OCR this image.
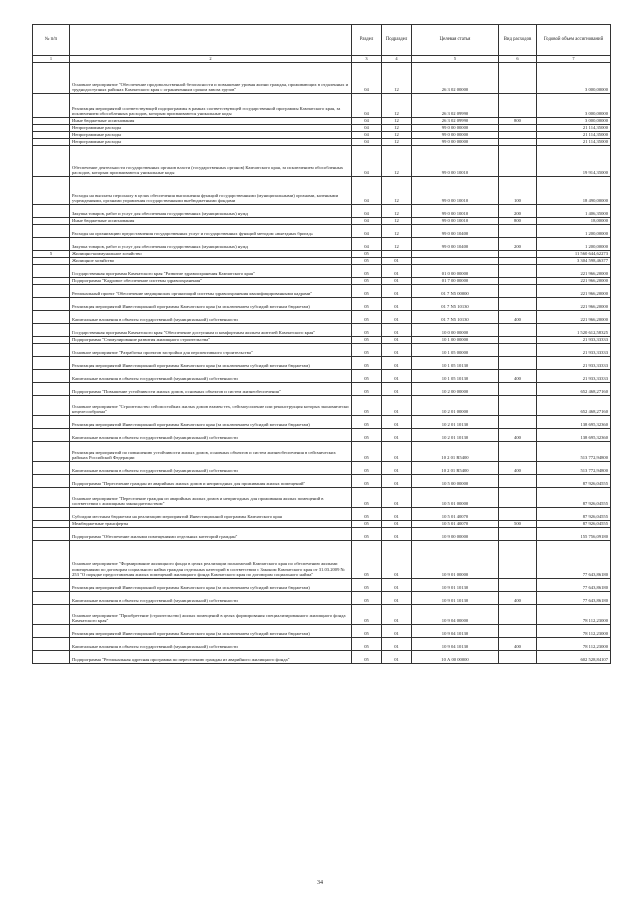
№ п/п		Раздел	Подраздел	Целевая статья	Вид расходов	Годовой объем ассигнований
1	2	3	4	5	6	7
	Основное мероприятие "Обеспечение продовольственной безопасности и повышение уровня жизни граждан, проживающих в отдаленных и труднодоступных районах Камчатского края с ограниченным сроком завоза грузов"	04	12	26 3 02 00000		3 000,00000
	Реализация мероприятий соответствующей подпрограммы в рамках соответствующей государственной программы Камчатского края, за исключением обособленных расходов, которым присваиваются уникальные коды	04	12	26 3 02 09990		3 000,00000
	Иные бюджетные ассигнования	04	12	26 3 02 09990	800	3 000,00000
	Непрограммные расходы	04	12	99 0 00 00000		21 114,35000
	Непрограммные расходы	04	12	99 0 00 00000		21 114,35000
	Непрограммные расходы	04	12	99 0 00 00000		21 114,35000
	Обеспечение деятельности государственных органов власти (государственных органов) Камчатского края, за исключением обособленных расходов, которым присваиваются уникальные коды	04	12	99 0 00 10010		19 914,35000
	Расходы на выплаты персоналу в целях обеспечения выполнения функций государственными (муниципальными) органами, казенными учреждениями, органами управления государственными внебюджетными фондами	04	12	99 0 00 10010	100	18 490,00000
	Закупка товаров, работ и услуг для обеспечения государственных (муниципальных) нужд	04	12	99 0 00 10010	200	1 406,35000
	Иные бюджетные ассигнования	04	12	99 0 00 10010	800	18,00000
	Расходы на организацию предоставления государственных услуг и государственных функций методом «выездных бригад»	04	12	99 0 00 10400		1 200,00000
	Закупка товаров, работ и услуг для обеспечения государственных (муниципальных) нужд	04	12	99 0 00 10400	200	1 200,00000
5	Жилищно-коммунальное хозяйство	05				11 560 644,62273
	Жилищное хозяйство	05	01			3 304 598,46377
	Государственная программа Камчатского края "Развитие здравоохранения Камчатского края"	05	01	01 0 00 00000		221 966,20000
	Подпрограмма "Кадровое обеспечение системы здравоохранения"	05	01	01 7 00 00000		221 966,20000
	Региональный проект "Обеспечение медицинских организаций системы здравоохранения квалифицированными кадрами"	05	01	01 7 N5 00000		221 966,20000
	Реализация мероприятий Инвестиционной программы Камчатского края (за исключением субсидий местным бюджетам)	05	01	01 7 N5 10130		221 966,20000
	Капитальные вложения в объекты государственной (муниципальной) собственности	05	01	01 7 N5 10130	400	221 966,20000
	Государственная программа Камчатского края "Обеспечение доступным и комфортным жильем жителей Камчатского края"	05	01	10 0 00 00000		1 520 612,58325
	Подпрограмма "Стимулирование развития жилищного строительства"	05	01	10 1 00 00000		21 933,33333
	Основное мероприятие "Разработка проектов застройки для перспективного строительства"	05	01	10 1 05 00000		21 933,33333
	Реализация мероприятий Инвестиционной программы Камчатского края (за исключением субсидий местным бюджетам)	05	01	10 1 05 10130		21 933,33333
	Капитальные вложения в объекты государственной (муниципальной) собственности	05	01	10 1 05 10130	400	21 933,33333
	Подпрограмма "Повышение устойчивости жилых домов, основных объектов и систем жизнеобеспечения"	05	01	10 2 00 00000		652 468,27160
	Основное мероприятие "Строительство сейсмостойких жилых домов взамен тех, сейсмоусиление или реконструкция которых экономически нецелесообразна"	05	01	10 2 01 00000		652 468,27160
	Реализация мероприятий Инвестиционной программы Камчатского края (за исключением субсидий местным бюджетам)	05	01	10 2 01 10130		138 695,32360
	Капитальные вложения в объекты государственной (муниципальной) собственности	05	01	10 2 01 10130	400	138 695,32360
	Реализация мероприятий по повышению устойчивости жилых домов, основных объектов и систем жизнеобеспечения в сейсмических районах Российской Федерации	05	01	10 2 01 R5400		513 772,94800
	Капитальные вложения в объекты государственной (муниципальной) собственности	05	01	10 2 01 R5400	400	513 772,94800
	Подпрограмма "Переселение граждан из аварийных жилых домов и непригодных для проживания жилых помещений"	05	01	10 5 00 00000		87 926,04555
	Основное мероприятие "Переселение граждан из аварийных жилых домов и непригодных для проживания жилых помещений в соответствии с жилищным законодательством"	05	01	10 5 01 00000		87 926,04555
	Субсидии местным бюджетам на реализацию мероприятий Инвестиционной программы Камчатского края	05	01	10 5 01 40070		87 926,04555
	Межбюджетные трансферты	05	01	10 5 01 40070	500	87 926,04555
	Подпрограмма "Обеспечение жилыми помещениями отдельных категорий граждан"	05	01	10 9 00 00000		155 756,09180
	Основное мероприятие "Формирование жилищного фонда в целях реализации полномочий Камчатского края по обеспечению жилыми помещениями по договорам социального найма граждан отдельных категорий в соответствии с Законом Камчатского края от 31.03.2009 № 253 "О порядке предоставления жилых помещений жилищного фонда Камчатского края по договорам социального найма"	05	01	10 9 01 00000		77 643,86180
	Реализация мероприятий Инвестиционной программы Камчатского края (за исключением субсидий местным бюджетам)	05	01	10 9 01 10130		77 643,86180
	Капитальные вложения в объекты государственной (муниципальной) собственности	05	01	10 9 01 10130	400	77 643,86180
	Основное мероприятие "Приобретение (строительство) жилых помещений в целях формирования специализированного жилищного фонда Камчатского края"	05	01	10 9 04 00000		78 112,23000
	Реализация мероприятий Инвестиционной программы Камчатского края (за исключением субсидий местным бюджетам)	05	01	10 9 04 10130		78 112,23000
	Капитальные вложения в объекты государственной (муниципальной) собственности	05	01	10 9 04 10130	400	78 112,23000
	Подпрограмма "Региональная адресная программа по переселению граждан из аварийного жилищного фонда"	05	01	10 А 00 00000		602 528,84107
34
